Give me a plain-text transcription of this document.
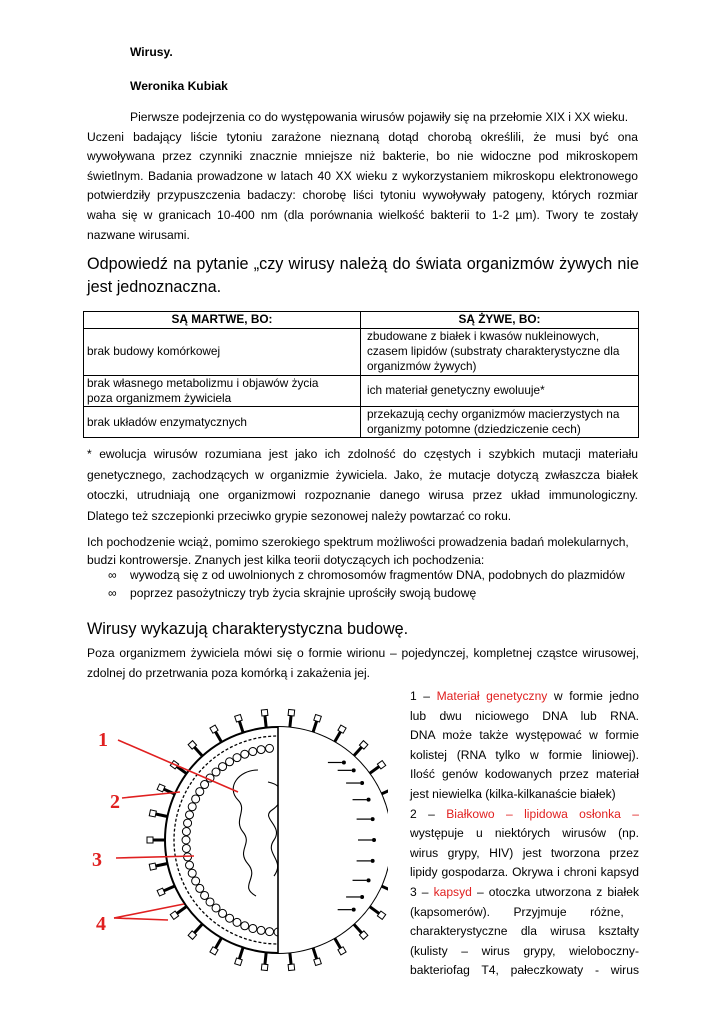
Wirusy.
Weronika Kubiak
Pierwsze podejrzenia co do występowania wirusów pojawiły się na przełomie XIX i XX wieku.
Uczeni badający liście tytoniu zarażone nieznaną dotąd chorobą określili, że musi być ona
wywoływana przez czynniki znacznie mniejsze niż bakterie, bo nie widoczne pod mikroskopem
świetlnym. Badania prowadzone w latach 40 XX wieku z wykorzystaniem mikroskopu elektronowego
potwierdziły przypuszczenia badaczy: chorobę liści tytoniu wywoływały patogeny, których rozmiar
waha się w granicach 10-400 nm (dla porównania wielkość bakterii to 1-2 µm). Twory te zostały
nazwane wirusami.
Odpowiedź na pytanie „czy wirusy należą do świata organizmów żywych nie
jest jednoznaczna.
SĄ MARTWE, BO:	SĄ ŻYWE, BO:

brak budowy komórkowej	zbudowane z białek i kwasów nukleinowych,
czasem lipidów (substraty charakterystyczne dla
organizmów żywych)

brak własnego metabolizmu i objawów życia
poza organizmem żywiciela	ich materiał genetyczny ewoluuje*

brak układów enzymatycznych	przekazują cechy organizmów macierzystych na
organizmy potomne (dziedziczenie cech)
* ewolucja wirusów rozumiana jest jako ich zdolność do częstych i szybkich mutacji materiału
genetycznego, zachodzących w organizmie żywiciela. Jako, że mutacje dotyczą zwłaszcza białek
otoczki, utrudniają one organizmowi rozpoznanie danego wirusa przez układ immunologiczny.
Dlatego też szczepionki przeciwko grypie sezonowej należy powtarzać co roku.
Ich pochodzenie wciąż, pomimo szerokiego spektrum możliwości prowadzenia badań molekularnych,
budzi kontrowersje. Znanych jest kilka teorii dotyczących ich pochodzenia:
∞ wywodzą się z od uwolnionych z chromosomów fragmentów DNA, podobnych do plazmidów
∞ poprzez pasożytniczy tryb życia skrajnie uprościły swoją budowę
Wirusy wykazują charakterystyczna budowę.
Poza organizmem żywiciela mówi się o formie wirionu – pojedynczej, kompletnej cząstce wirusowej,
zdolnej do przetrwania poza komórką i zakażenia jej.
1
2
3
4
1 – Materiał genetyczny w formie jedno
lub dwu niciowego DNA lub RNA.
DNA może także występować w formie
kolistej (RNA tylko w formie liniowej).
Ilość genów kodowanych przez materiał
jest niewielka (kilka-kilkanaście białek)
2 – Białkowo – lipidowa osłonka –
występuje u niektórych wirusów (np.
wirus grypy, HIV) jest tworzona przez
lipidy gospodarza. Okrywa i chroni kapsyd
3 – kapsyd – otoczka utworzona z białek
(kapsomerów).       Przyjmuje       różne,
charakterystyczne dla wirusa kształty
(kulisty – wirus grypy, wielobocznу-
bakteriofag T4, pałeczkowaty - wirus
